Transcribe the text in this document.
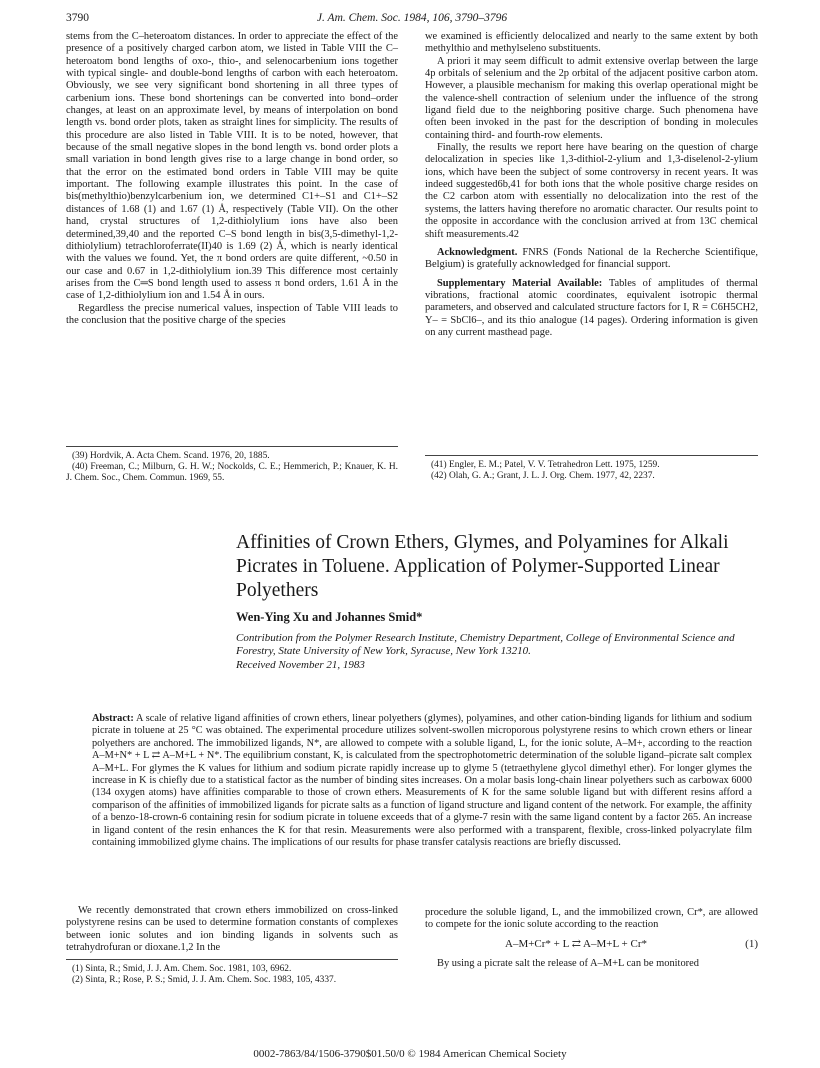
3790	J. Am. Chem. Soc. 1984, 106, 3790–3796

stems from the C–heteroatom distances. In order to appreciate the effect of the presence of a positively charged carbon atom, we listed in Table VIII the C–heteroatom bond lengths of oxo-, thio-, and selenocarbenium ions together with typical single- and double-bond lengths of carbon with each heteroatom. Obviously, we see very significant bond shortening in all three types of carbenium ions. These bond shortenings can be converted into bond–order changes, at least on an approximate level, by means of interpolation on bond length vs. bond order plots, taken as straight lines for simplicity. The results of this procedure are also listed in Table VIII. It is to be noted, however, that because of the small negative slopes in the bond length vs. bond order plots a small variation in bond length gives rise to a large change in bond order, so that the error on the estimated bond orders in Table VIII may be quite important. The following example illustrates this point. In the case of bis(methylthio)benzylcarbenium ion, we determined C1+–S1 and C1+–S2 distances of 1.68 (1) and 1.67 (1) Å, respectively (Table VII). On the other hand, crystal structures of 1,2-dithiolylium ions have also been determined,39,40 and the reported C–S bond length in bis(3,5-dimethyl-1,2-dithiolylium) tetrachloroferrate(II)40 is 1.69 (2) Å, which is nearly identical with the values we found. Yet, the π bond orders are quite different, ~0.50 in our case and 0.67 in 1,2-dithiolylium ion.39 This difference most certainly arises from the C═S bond length used to assess π bond orders, 1.61 Å in the case of 1,2-dithiolylium ion and 1.54 Å in ours.

Regardless the precise numerical values, inspection of Table VIII leads to the conclusion that the positive charge of the species

we examined is efficiently delocalized and nearly to the same extent by both methylthio and methylseleno substituents.

A priori it may seem difficult to admit extensive overlap between the large 4p orbitals of selenium and the 2p orbital of the adjacent positive carbon atom. However, a plausible mechanism for making this overlap operational might be the valence-shell contraction of selenium under the influence of the strong ligand field due to the neighboring positive charge. Such phenomena have often been invoked in the past for the description of bonding in molecules containing third- and fourth-row elements.

Finally, the results we report here have bearing on the question of charge delocalization in species like 1,3-dithiol-2-ylium and 1,3-diselenol-2-ylium ions, which have been the subject of some controversy in recent years. It was indeed suggested6b,41 for both ions that the whole positive charge resides on the C2 carbon atom with essentially no delocalization into the rest of the systems, the latters having therefore no aromatic character. Our results point to the opposite in accordance with the conclusion arrived at from 13C chemical shift measurements.42

Acknowledgment. FNRS (Fonds National de la Recherche Scientifique, Belgium) is gratefully acknowledged for financial support.

Supplementary Material Available: Tables of amplitudes of thermal vibrations, fractional atomic coordinates, equivalent isotropic thermal parameters, and observed and calculated structure factors for I, R = C6H5CH2, Y– = SbCl6–, and its thio analogue (14 pages). Ordering information is given on any current masthead page.

(39) Hordvik, A. Acta Chem. Scand. 1976, 20, 1885.
(40) Freeman, C.; Milburn, G. H. W.; Nockolds, C. E.; Hemmerich, P.; Knauer, K. H. J. Chem. Soc., Chem. Commun. 1969, 55.
(41) Engler, E. M.; Patel, V. V. Tetrahedron Lett. 1975, 1259.
(42) Olah, G. A.; Grant, J. L. J. Org. Chem. 1977, 42, 2237.
Affinities of Crown Ethers, Glymes, and Polyamines for Alkali Picrates in Toluene. Application of Polymer-Supported Linear Polyethers
Wen-Ying Xu and Johannes Smid*
Contribution from the Polymer Research Institute, Chemistry Department, College of Environmental Science and Forestry, State University of New York, Syracuse, New York 13210.
Received November 21, 1983
Abstract: A scale of relative ligand affinities of crown ethers, linear polyethers (glymes), polyamines, and other cation-binding ligands for lithium and sodium picrate in toluene at 25 °C was obtained. The experimental procedure utilizes solvent-swollen microporous polystyrene resins to which crown ethers or linear polyethers are anchored. The immobilized ligands, N*, are allowed to compete with a soluble ligand, L, for the ionic solute, A–M+, according to the reaction A–M+N* + L ⇄ A–M+L + N*. The equilibrium constant, K, is calculated from the spectrophotometric determination of the soluble ligand–picrate salt complex A–M+L. For glymes the K values for lithium and sodium picrate rapidly increase up to glyme 5 (tetraethylene glycol dimethyl ether). For longer glymes the increase in K is chiefly due to a statistical factor as the number of binding sites increases. On a molar basis long-chain linear polyethers such as carbowax 6000 (134 oxygen atoms) have affinities comparable to those of crown ethers. Measurements of K for the same soluble ligand but with different resins afford a comparison of the affinities of immobilized ligands for picrate salts as a function of ligand structure and ligand content of the network. For example, the affinity of a benzo-18-crown-6 containing resin for sodium picrate in toluene exceeds that of a glyme-7 resin with the same ligand content by a factor 265. An increase in ligand content of the resin enhances the K for that resin. Measurements were also performed with a transparent, flexible, cross-linked polyacrylate film containing immobilized glyme chains. The implications of our results for phase transfer catalysis reactions are briefly discussed.

We recently demonstrated that crown ethers immobilized on cross-linked polystyrene resins can be used to determine formation constants of complexes between ionic solutes and ion binding ligands in solvents such as tetrahydrofuran or dioxane.1,2 In the

(1) Sinta, R.; Smid, J. J. Am. Chem. Soc. 1981, 103, 6962.
(2) Sinta, R.; Rose, P. S.; Smid, J. J. Am. Chem. Soc. 1983, 105, 4337.

procedure the soluble ligand, L, and the immobilized crown, Cr*, are allowed to compete for the ionic solute according to the reaction

A–M+Cr* + L ⇄ A–M+L + Cr*	(1)

By using a picrate salt the release of A–M+L can be monitored

0002-7863/84/1506-3790$01.50/0 © 1984 American Chemical Society
